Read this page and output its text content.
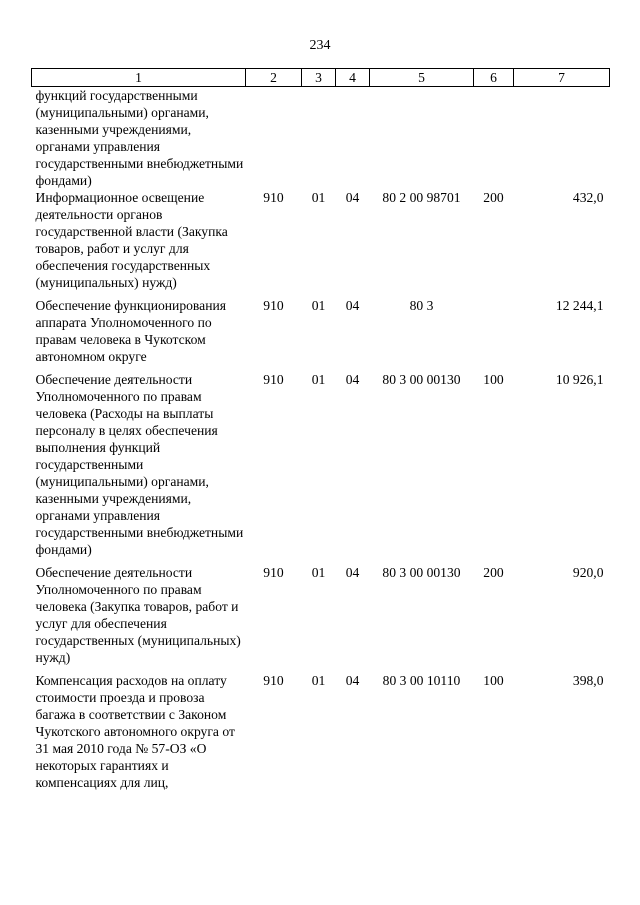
234
1	2	3	4	5	6	7
функций государственными (муниципальными) органами, казенными учреждениями, органами управления государственными внебюджетными фондами)						
Информационное освещение деятельности органов государственной власти (Закупка товаров, работ и услуг для обеспечения государственных (муниципальных) нужд)	910	01	04	80 2 00 98701	200	432,0
Обеспечение функционирования аппарата Уполномоченного по правам человека в Чукотском автономном округе	910	01	04	80 3		12 244,1
Обеспечение деятельности Уполномоченного по правам человека (Расходы на выплаты персоналу в целях обеспечения выполнения функций государственными (муниципальными) органами, казенными учреждениями, органами управления государственными внебюджетными фондами)	910	01	04	80 3 00 00130	100	10 926,1
Обеспечение деятельности Уполномоченного по правам человека (Закупка товаров, работ и услуг для обеспечения государственных (муниципальных) нужд)	910	01	04	80 3 00 00130	200	920,0
Компенсация расходов на оплату стоимости проезда и провоза багажа в соответствии с Законом Чукотского автономного округа от 31 мая 2010 года № 57-ОЗ «О некоторых гарантиях и компенсациях для лиц,	910	01	04	80 3 00 10110	100	398,0
